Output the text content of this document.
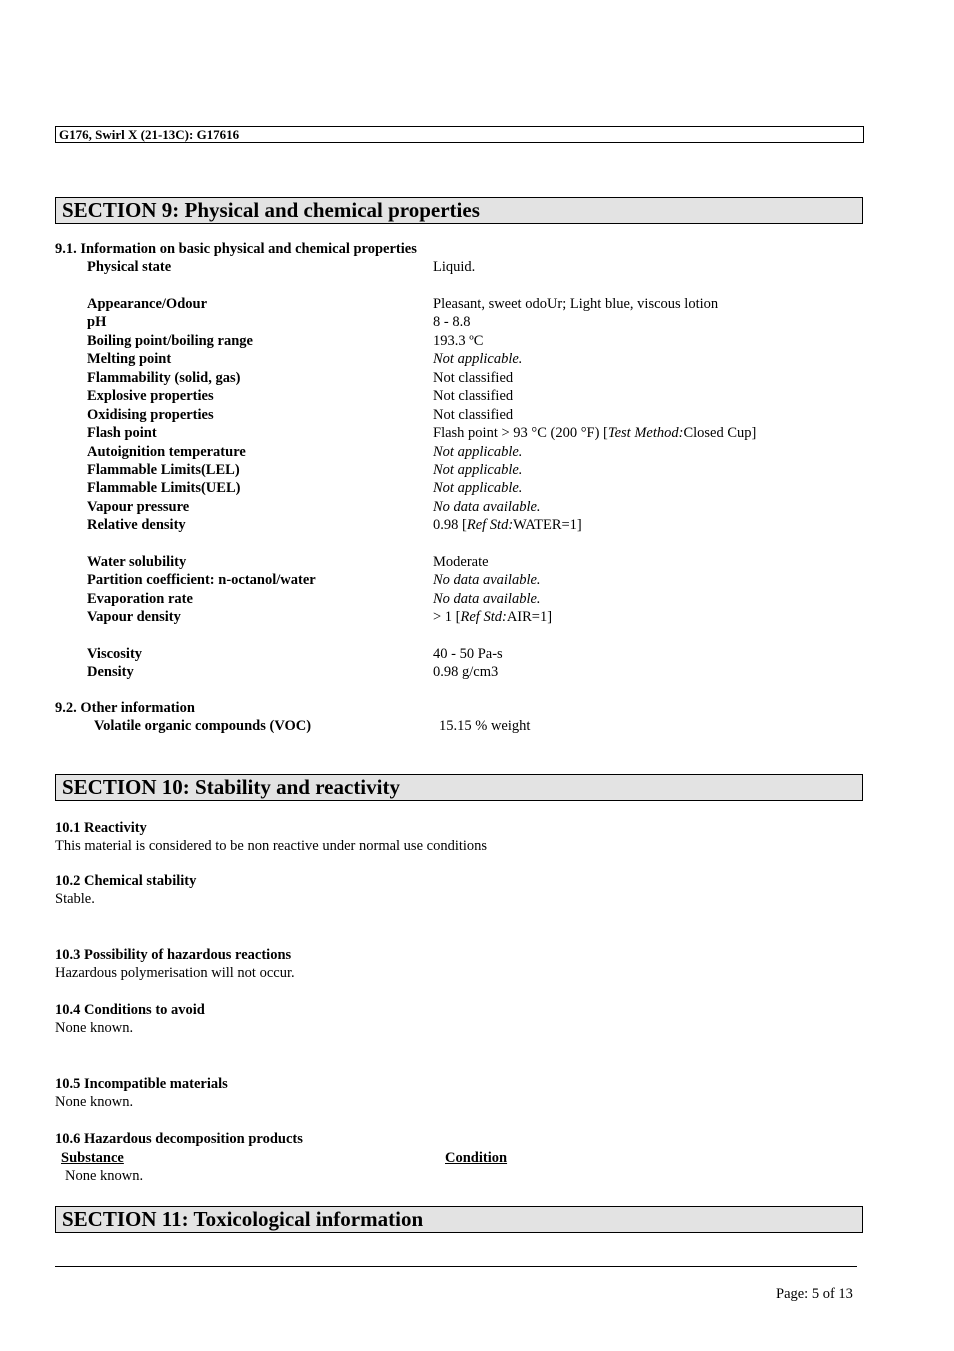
G176, Swirl X (21-13C): G17616
SECTION 9: Physical and chemical properties
9.1. Information on basic physical and chemical properties
Physical state	Liquid.
Appearance/Odour	Pleasant, sweet odoUr; Light blue, viscous lotion
pH	8 - 8.8
Boiling point/boiling range	193.3 ºC
Melting point	Not applicable.
Flammability (solid, gas)	Not classified
Explosive properties	Not classified
Oxidising properties	Not classified
Flash point	Flash point > 93 °C (200 °F) [Test Method:Closed Cup]
Autoignition temperature	Not applicable.
Flammable Limits(LEL)	Not applicable.
Flammable Limits(UEL)	Not applicable.
Vapour pressure	No data available.
Relative density	0.98 [Ref Std:WATER=1]
Water solubility	Moderate
Partition coefficient: n-octanol/water	No data available.
Evaporation rate	No data available.
Vapour density	> 1 [Ref Std:AIR=1]
Viscosity	40 - 50 Pa-s
Density	0.98 g/cm3
9.2. Other information
Volatile organic compounds (VOC)	15.15 % weight
SECTION 10: Stability and reactivity
10.1 Reactivity
This material is considered to be non reactive under normal use conditions
10.2 Chemical stability
Stable.
10.3 Possibility of hazardous reactions
Hazardous polymerisation will not occur.
10.4 Conditions to avoid
None known.
10.5 Incompatible materials
None known.
10.6 Hazardous decomposition products
Substance	Condition
None known.
SECTION 11: Toxicological information
Page: 5 of 13
